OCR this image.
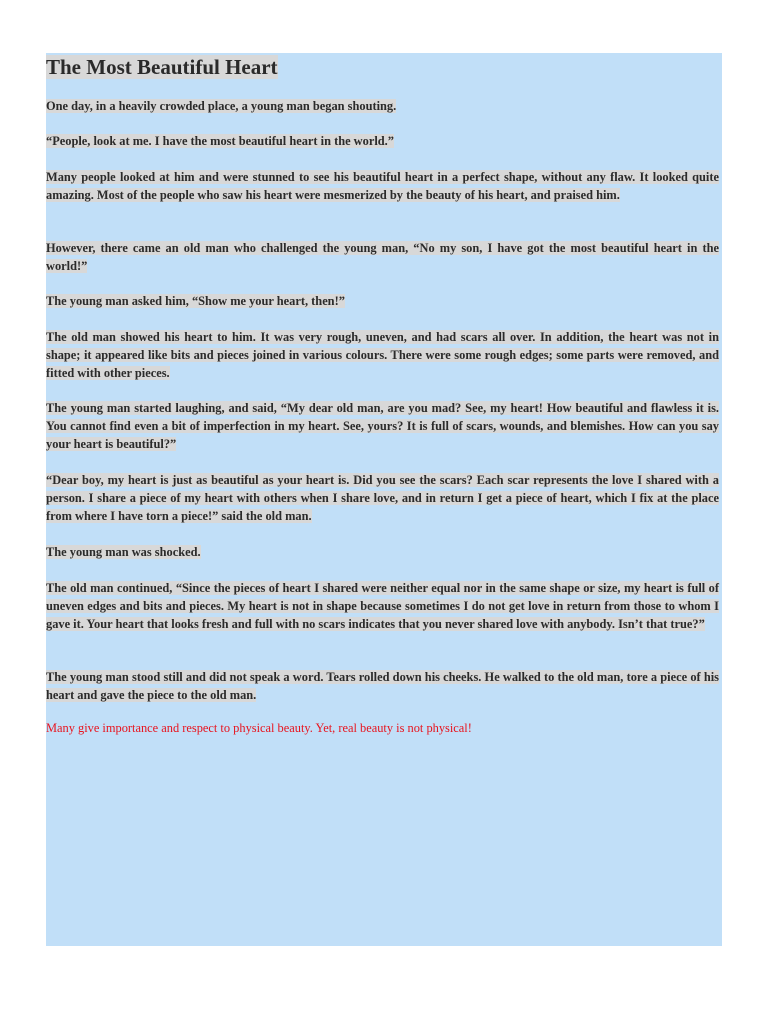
The Most Beautiful Heart

One day, in a heavily crowded place, a young man began shouting.

“People, look at me. I have the most beautiful heart in the world.”

Many people looked at him and were stunned to see his beautiful heart in a perfect shape, without any flaw. It looked quite amazing. Most of the people who saw his heart were mesmerized by the beauty of his heart, and praised him.

However, there came an old man who challenged the young man, “No my son, I have got the most beautiful heart in the world!”

The young man asked him, “Show me your heart, then!”

The old man showed his heart to him. It was very rough, uneven, and had scars all over. In addition, the heart was not in shape; it appeared like bits and pieces joined in various colours. There were some rough edges; some parts were removed, and fitted with other pieces.

The young man started laughing, and said, “My dear old man, are you mad? See, my heart! How beautiful and flawless it is. You cannot find even a bit of imperfection in my heart. See, yours? It is full of scars, wounds, and blemishes. How can you say your heart is beautiful?”

“Dear boy, my heart is just as beautiful as your heart is. Did you see the scars? Each scar represents the love I shared with a person. I share a piece of my heart with others when I share love, and in return I get a piece of heart, which I fix at the place from where I have torn a piece!” said the old man.

The young man was shocked.

The old man continued, “Since the pieces of heart I shared were neither equal nor in the same shape or size, my heart is full of uneven edges and bits and pieces. My heart is not in shape because sometimes I do not get love in return from those to whom I gave it. Your heart that looks fresh and full with no scars indicates that you never shared love with anybody. Isn’t that true?”

The young man stood still and did not speak a word. Tears rolled down his cheeks. He walked to the old man, tore a piece of his heart and gave the piece to the old man.

Many give importance and respect to physical beauty. Yet, real beauty is not physical!
